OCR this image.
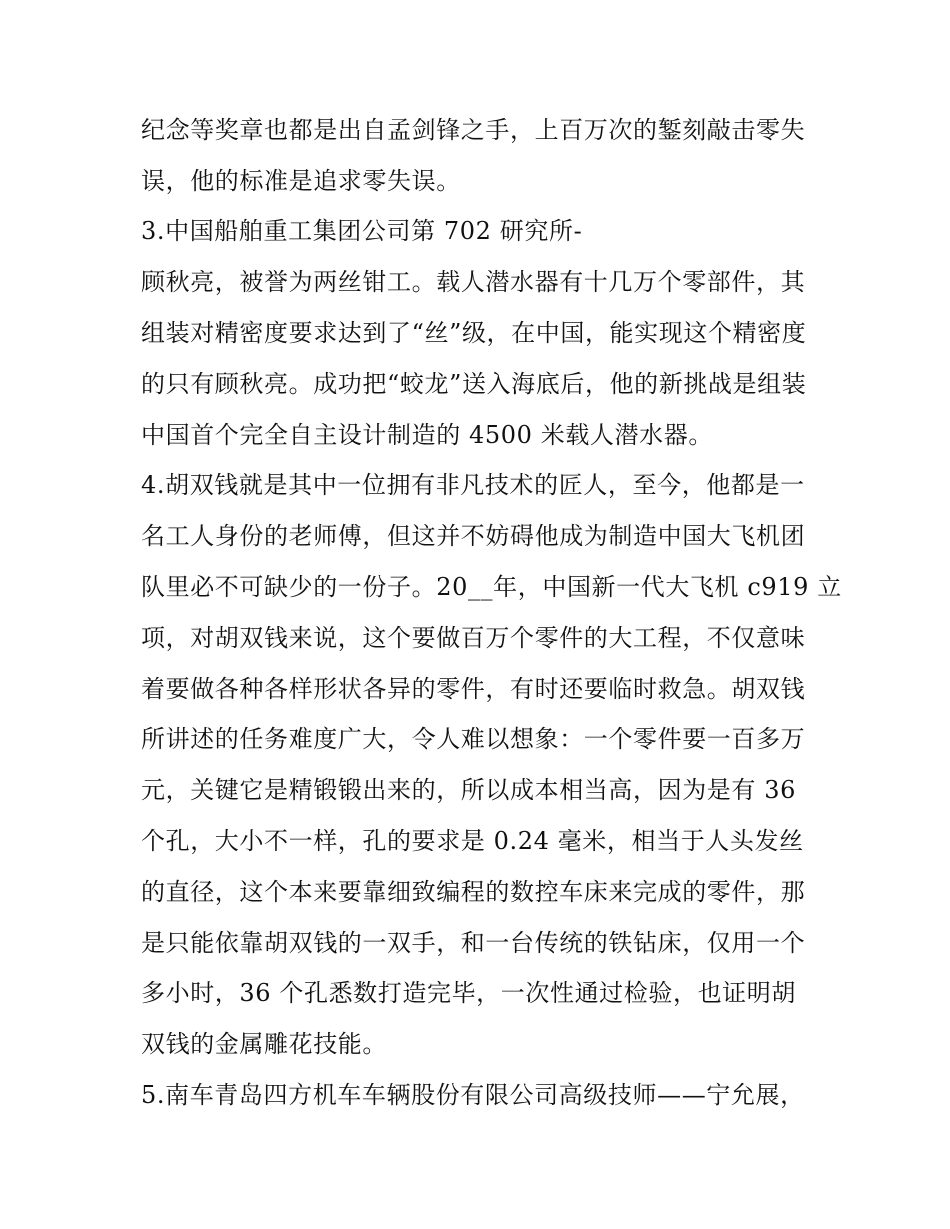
纪念等奖章也都是出自孟剑锋之手，上百万次的錾刻敲击零失
误，他的标准是追求零失误。
3.中国船舶重工集团公司第 702 研究所-
顾秋亮，被誉为两丝钳工。载人潜水器有十几万个零部件，其
组装对精密度要求达到了“丝”级，在中国，能实现这个精密度
的只有顾秋亮。成功把“蛟龙”送入海底后，他的新挑战是组装
中国首个完全自主设计制造的 4500 米载人潜水器。
4.胡双钱就是其中一位拥有非凡技术的匠人，至今，他都是一
名工人身份的老师傅，但这并不妨碍他成为制造中国大飞机团
队里必不可缺少的一份子。20__年，中国新一代大飞机 c919 立
项，对胡双钱来说，这个要做百万个零件的大工程，不仅意味
着要做各种各样形状各异的零件，有时还要临时救急。胡双钱
所讲述的任务难度广大，令人难以想象：一个零件要一百多万
元，关键它是精锻锻出来的，所以成本相当高，因为是有 36
个孔，大小不一样，孔的要求是 0.24 毫米，相当于人头发丝
的直径，这个本来要靠细致编程的数控车床来完成的零件，那
是只能依靠胡双钱的一双手，和一台传统的铁钻床，仅用一个
多小时，36 个孔悉数打造完毕，一次性通过检验，也证明胡
双钱的金属雕花技能。
5.南车青岛四方机车车辆股份有限公司高级技师——宁允展，
